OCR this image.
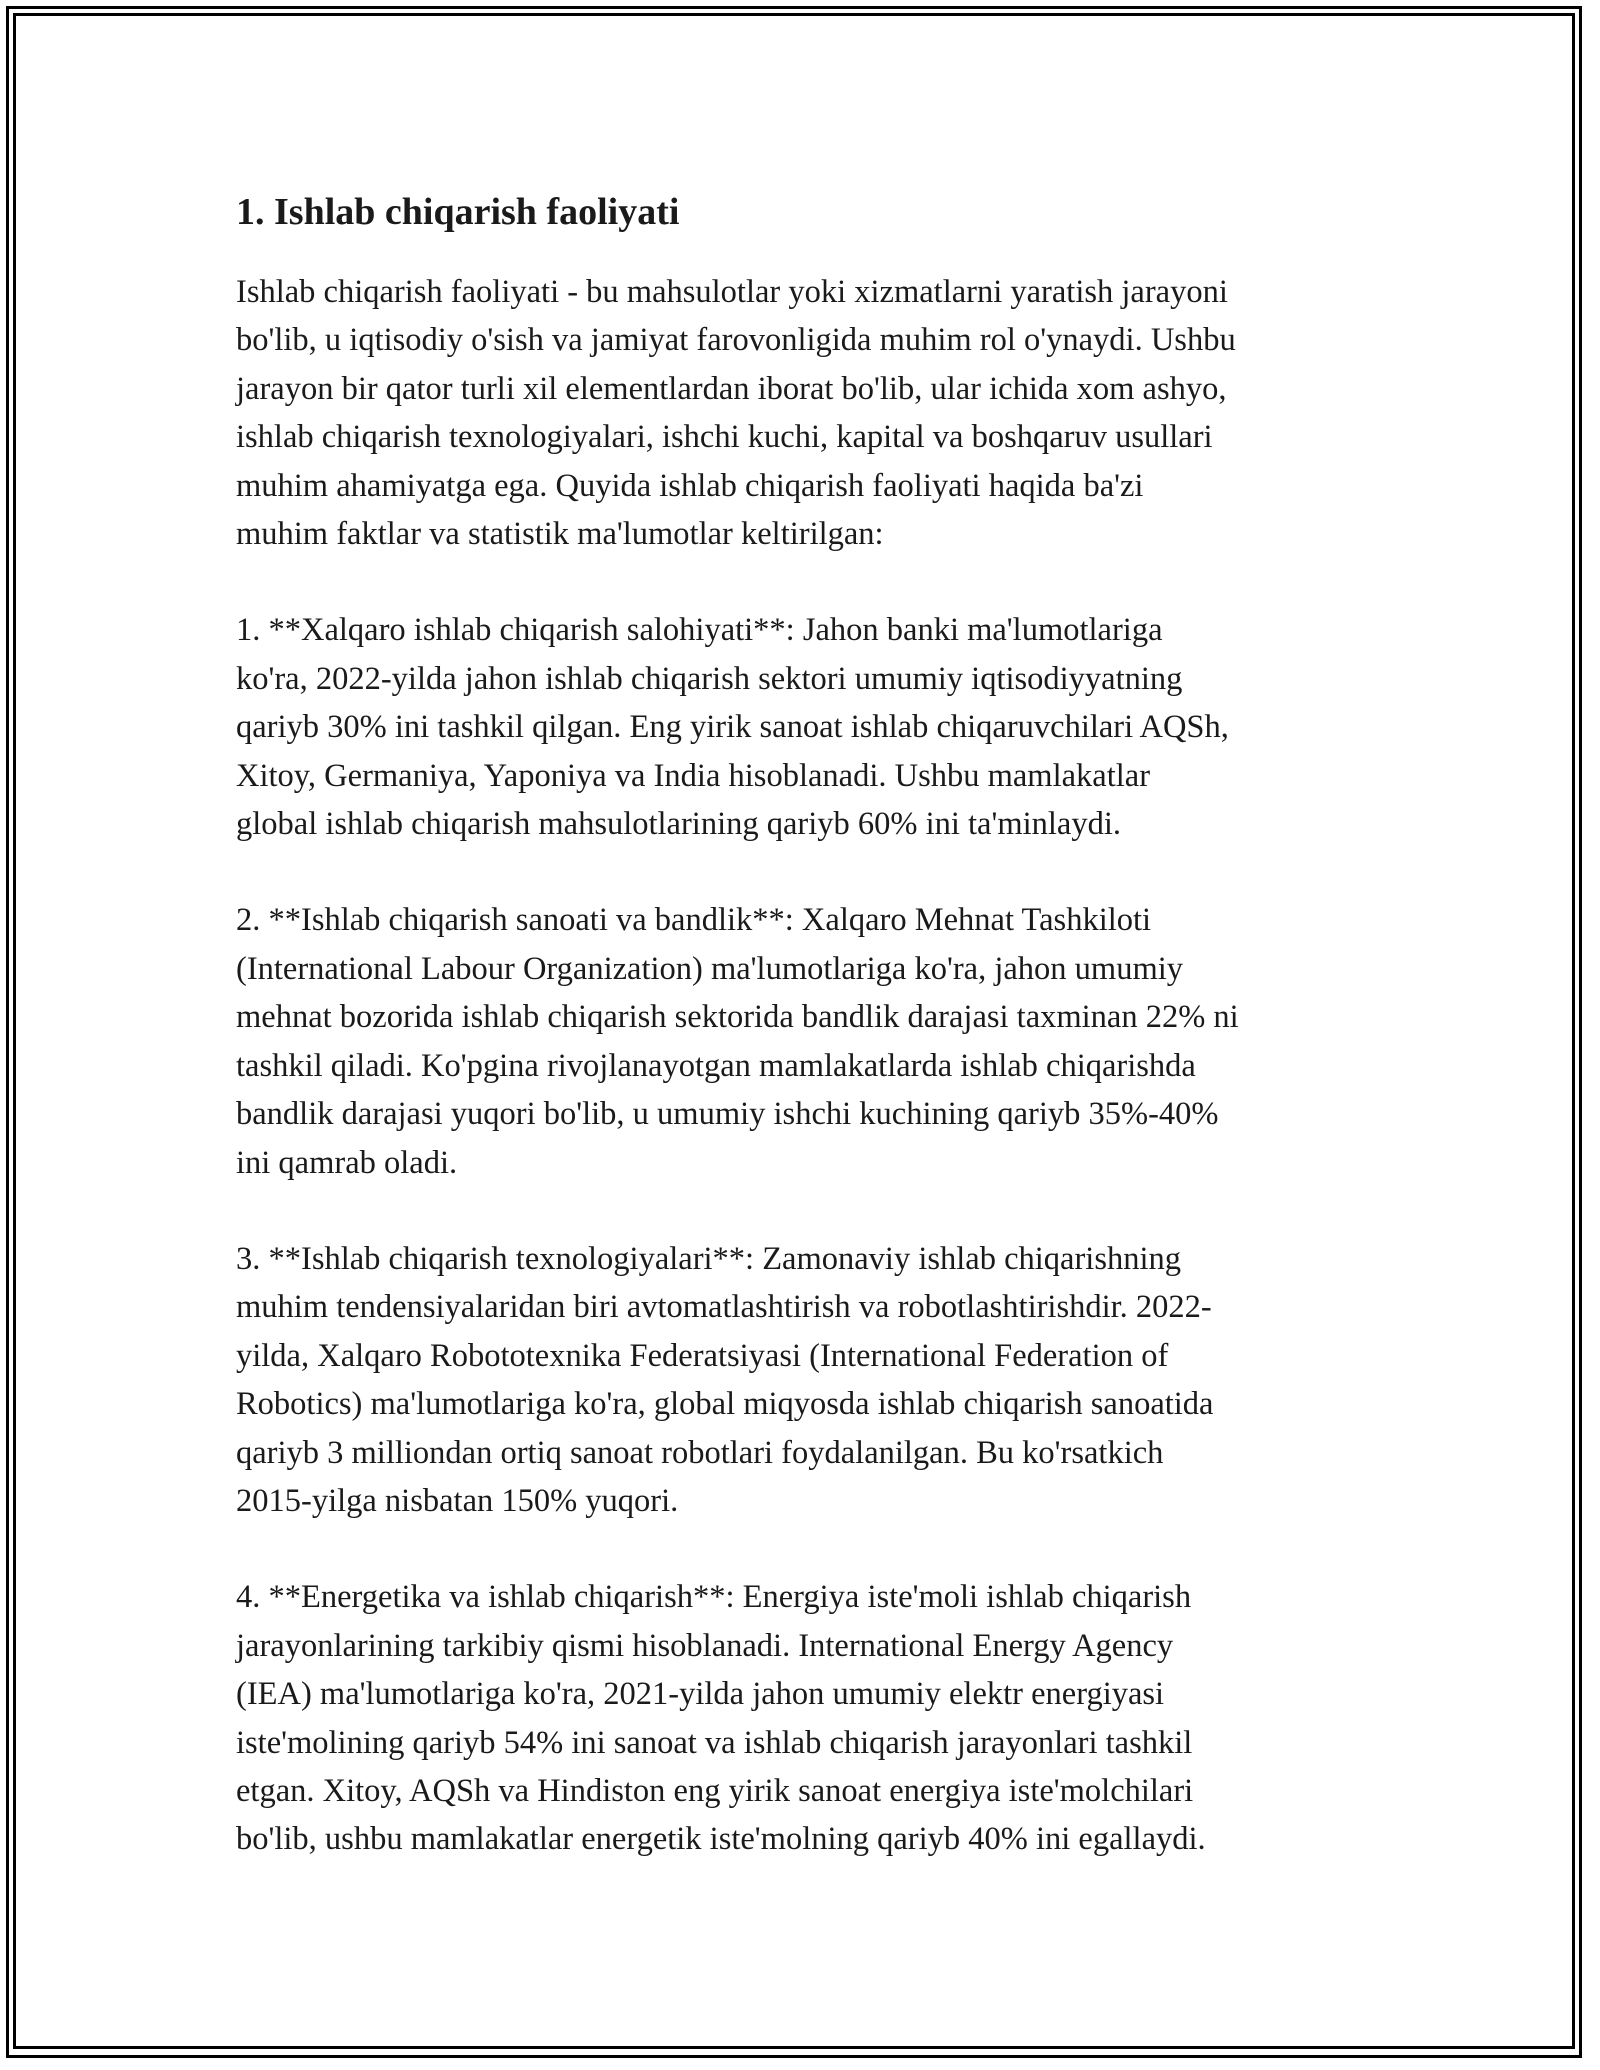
1. Ishlab chiqarish faoliyati

Ishlab chiqarish faoliyati - bu mahsulotlar yoki xizmatlarni yaratish jarayoni
bo'lib, u iqtisodiy o'sish va jamiyat farovonligida muhim rol o'ynaydi. Ushbu
jarayon bir qator turli xil elementlardan iborat bo'lib, ular ichida xom ashyo,
ishlab chiqarish texnologiyalari, ishchi kuchi, kapital va boshqaruv usullari
muhim ahamiyatga ega. Quyida ishlab chiqarish faoliyati haqida ba'zi
muhim faktlar va statistik ma'lumotlar keltirilgan:

1. **Xalqaro ishlab chiqarish salohiyati**: Jahon banki ma'lumotlariga
ko'ra, 2022-yilda jahon ishlab chiqarish sektori umumiy iqtisodiyyatning
qariyb 30% ini tashkil qilgan. Eng yirik sanoat ishlab chiqaruvchilari AQSh,
Xitoy, Germaniya, Yaponiya va India hisoblanadi. Ushbu mamlakatlar
global ishlab chiqarish mahsulotlarining qariyb 60% ini ta'minlaydi.

2. **Ishlab chiqarish sanoati va bandlik**: Xalqaro Mehnat Tashkiloti
(International Labour Organization) ma'lumotlariga ko'ra, jahon umumiy
mehnat bozorida ishlab chiqarish sektorida bandlik darajasi taxminan 22% ni
tashkil qiladi. Ko'pgina rivojlanayotgan mamlakatlarda ishlab chiqarishda
bandlik darajasi yuqori bo'lib, u umumiy ishchi kuchining qariyb 35%-40%
ini qamrab oladi.

3. **Ishlab chiqarish texnologiyalari**: Zamonaviy ishlab chiqarishning
muhim tendensiyalaridan biri avtomatlashtirish va robotlashtirishdir. 2022-
yilda, Xalqaro Robototexnika Federatsiyasi (International Federation of
Robotics) ma'lumotlariga ko'ra, global miqyosda ishlab chiqarish sanoatida
qariyb 3 milliondan ortiq sanoat robotlari foydalanilgan. Bu ko'rsatkich
2015-yilga nisbatan 150% yuqori.

4. **Energetika va ishlab chiqarish**: Energiya iste'moli ishlab chiqarish
jarayonlarining tarkibiy qismi hisoblanadi. International Energy Agency
(IEA) ma'lumotlariga ko'ra, 2021-yilda jahon umumiy elektr energiyasi
iste'molining qariyb 54% ini sanoat va ishlab chiqarish jarayonlari tashkil
etgan. Xitoy, AQSh va Hindiston eng yirik sanoat energiya iste'molchilari
bo'lib, ushbu mamlakatlar energetik iste'molning qariyb 40% ini egallaydi.
